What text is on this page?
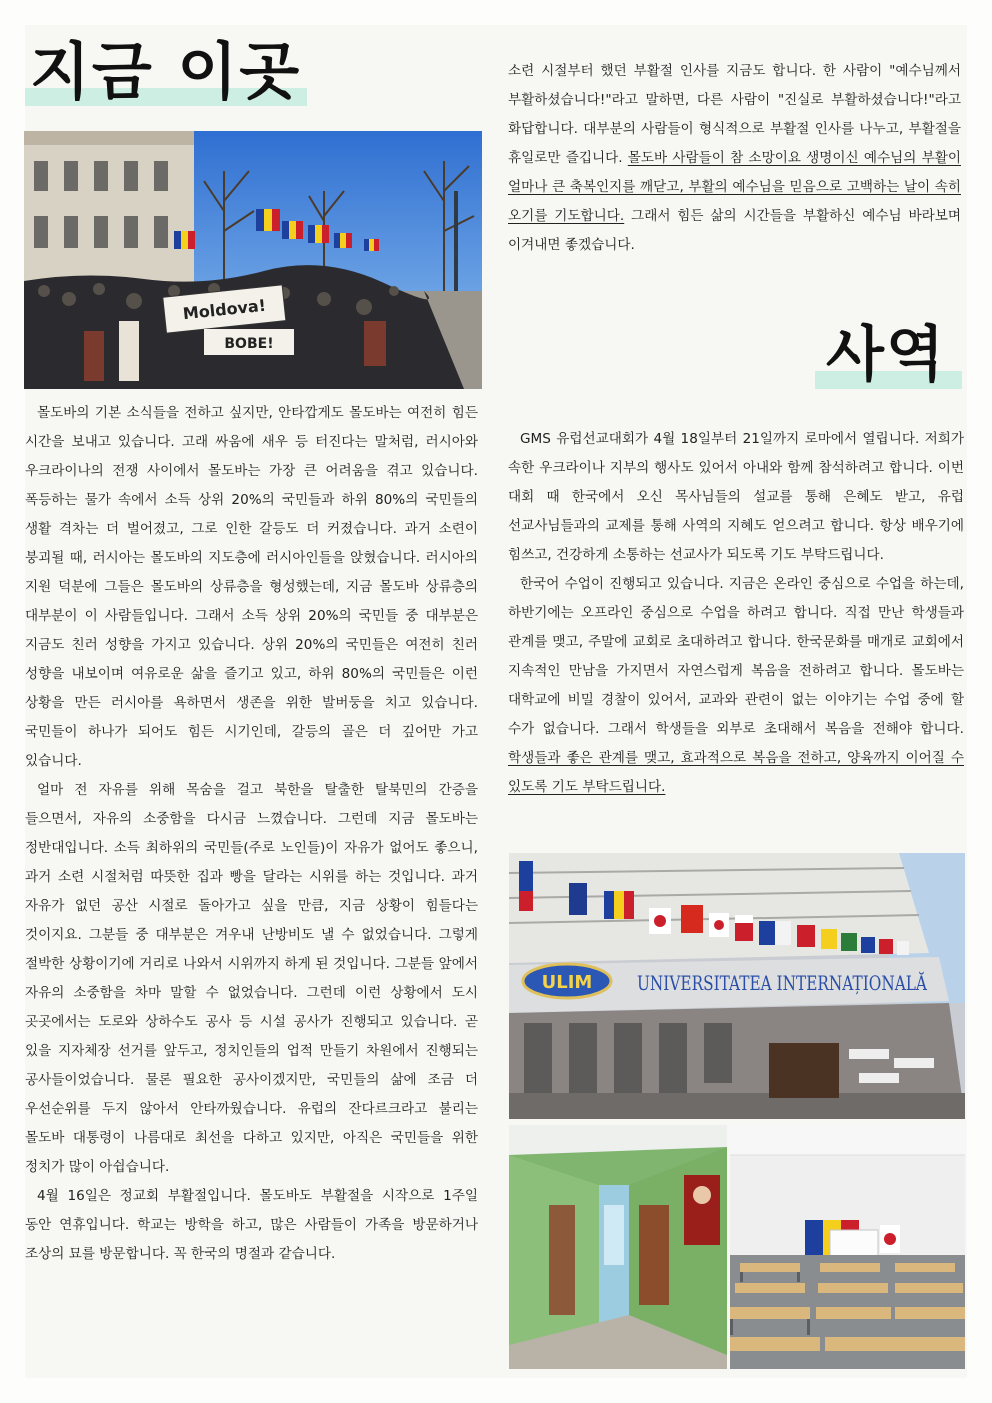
지금 이곳
사역
Moldova!
ВОВЕ!

몰도바의 기본 소식들을 전하고 싶지만, 안타깝게도 몰도바는 여전히 힘든 시간을 보내고 있습니다. 고래 싸움에 새우 등 터진다는 말처럼, 러시아와 우크라이나의 전쟁 사이에서 몰도바는 가장 큰 어려움을 겪고 있습니다. 폭등하는 물가 속에서 소득 상위 20%의 국민들과 하위 80%의 국민들의 생활 격차는 더 벌어졌고, 그로 인한 갈등도 더 커졌습니다. 과거 소련이 붕괴될 때, 러시아는 몰도바의 지도층에 러시아인들을 앉혔습니다. 러시아의 지원 덕분에 그들은 몰도바의 상류층을 형성했는데, 지금 몰도바 상류층의 대부분이 이 사람들입니다. 그래서 소득 상위 20%의 국민들 중 대부분은 지금도 친러 성향을 가지고 있습니다. 상위 20%의 국민들은 여전히 친러 성향을 내보이며 여유로운 삶을 즐기고 있고, 하위 80%의 국민들은 이런 상황을 만든 러시아를 욕하면서 생존을 위한 발버둥을 치고 있습니다. 국민들이 하나가 되어도 힘든 시기인데, 갈등의 골은 더 깊어만 가고 있습니다.

얼마 전 자유를 위해 목숨을 걸고 북한을 탈출한 탈북민의 간증을 들으면서, 자유의 소중함을 다시금 느꼈습니다. 그런데 지금 몰도바는 정반대입니다. 소득 최하위의 국민들(주로 노인들)이 자유가 없어도 좋으니, 과거 소련 시절처럼 따뜻한 집과 빵을 달라는 시위를 하는 것입니다. 과거 자유가 없던 공산 시절로 돌아가고 싶을 만큼, 지금 상황이 힘들다는 것이지요. 그분들 중 대부분은 겨우내 난방비도 낼 수 없었습니다. 그렇게 절박한 상황이기에 거리로 나와서 시위까지 하게 된 것입니다. 그분들 앞에서 자유의 소중함을 차마 말할 수 없었습니다. 그런데 이런 상황에서 도시 곳곳에서는 도로와 상하수도 공사 등 시설 공사가 진행되고 있습니다. 곧 있을 지자체장 선거를 앞두고, 정치인들의 업적 만들기 차원에서 진행되는 공사들이었습니다. 물론 필요한 공사이겠지만, 국민들의 삶에 조금 더 우선순위를 두지 않아서 안타까웠습니다. 유럽의 잔다르크라고 불리는 몰도바 대통령이 나름대로 최선을 다하고 있지만, 아직은 국민들을 위한 정치가 많이 아쉽습니다.

4월 16일은 정교회 부활절입니다. 몰도바도 부활절을 시작으로 1주일 동안 연휴입니다. 학교는 방학을 하고, 많은 사람들이 가족을 방문하거나 조상의 묘를 방문합니다. 꼭 한국의 명절과 같습니다.

소련 시절부터 했던 부활절 인사를 지금도 합니다. 한 사람이 "예수님께서 부활하셨습니다!"라고 말하면, 다른 사람이 "진실로 부활하셨습니다!"라고 화답합니다. 대부분의 사람들이 형식적으로 부활절 인사를 나누고, 부활절을 휴일로만 즐깁니다. 몰도바 사람들이 참 소망이요 생명이신 예수님의 부활이 얼마나 큰 축복인지를 깨닫고, 부활의 예수님을 믿음으로 고백하는 날이 속히 오기를 기도합니다. 그래서 힘든 삶의 시간들을 부활하신 예수님 바라보며 이겨내면 좋겠습니다.

GMS 유럽선교대회가 4월 18일부터 21일까지 로마에서 열립니다. 저희가 속한 우크라이나 지부의 행사도 있어서 아내와 함께 참석하려고 합니다. 이번 대회 때 한국에서 오신 목사님들의 설교를 통해 은혜도 받고, 유럽 선교사님들과의 교제를 통해 사역의 지혜도 얻으려고 합니다. 항상 배우기에 힘쓰고, 건강하게 소통하는 선교사가 되도록 기도 부탁드립니다.

한국어 수업이 진행되고 있습니다. 지금은 온라인 중심으로 수업을 하는데, 하반기에는 오프라인 중심으로 수업을 하려고 합니다. 직접 만난 학생들과 관계를 맺고, 주말에 교회로 초대하려고 합니다. 한국문화를 매개로 교회에서 지속적인 만남을 가지면서 자연스럽게 복음을 전하려고 합니다. 몰도바는 대학교에 비밀 경찰이 있어서, 교과와 관련이 없는 이야기는 수업 중에 할 수가 없습니다. 그래서 학생들을 외부로 초대해서 복음을 전해야 합니다. 학생들과 좋은 관계를 맺고, 효과적으로 복음을 전하고, 양육까지 이어질 수 있도록 기도 부탁드립니다.

ULIM UNIVERSITATEA INTERNAȚIONALĂ
